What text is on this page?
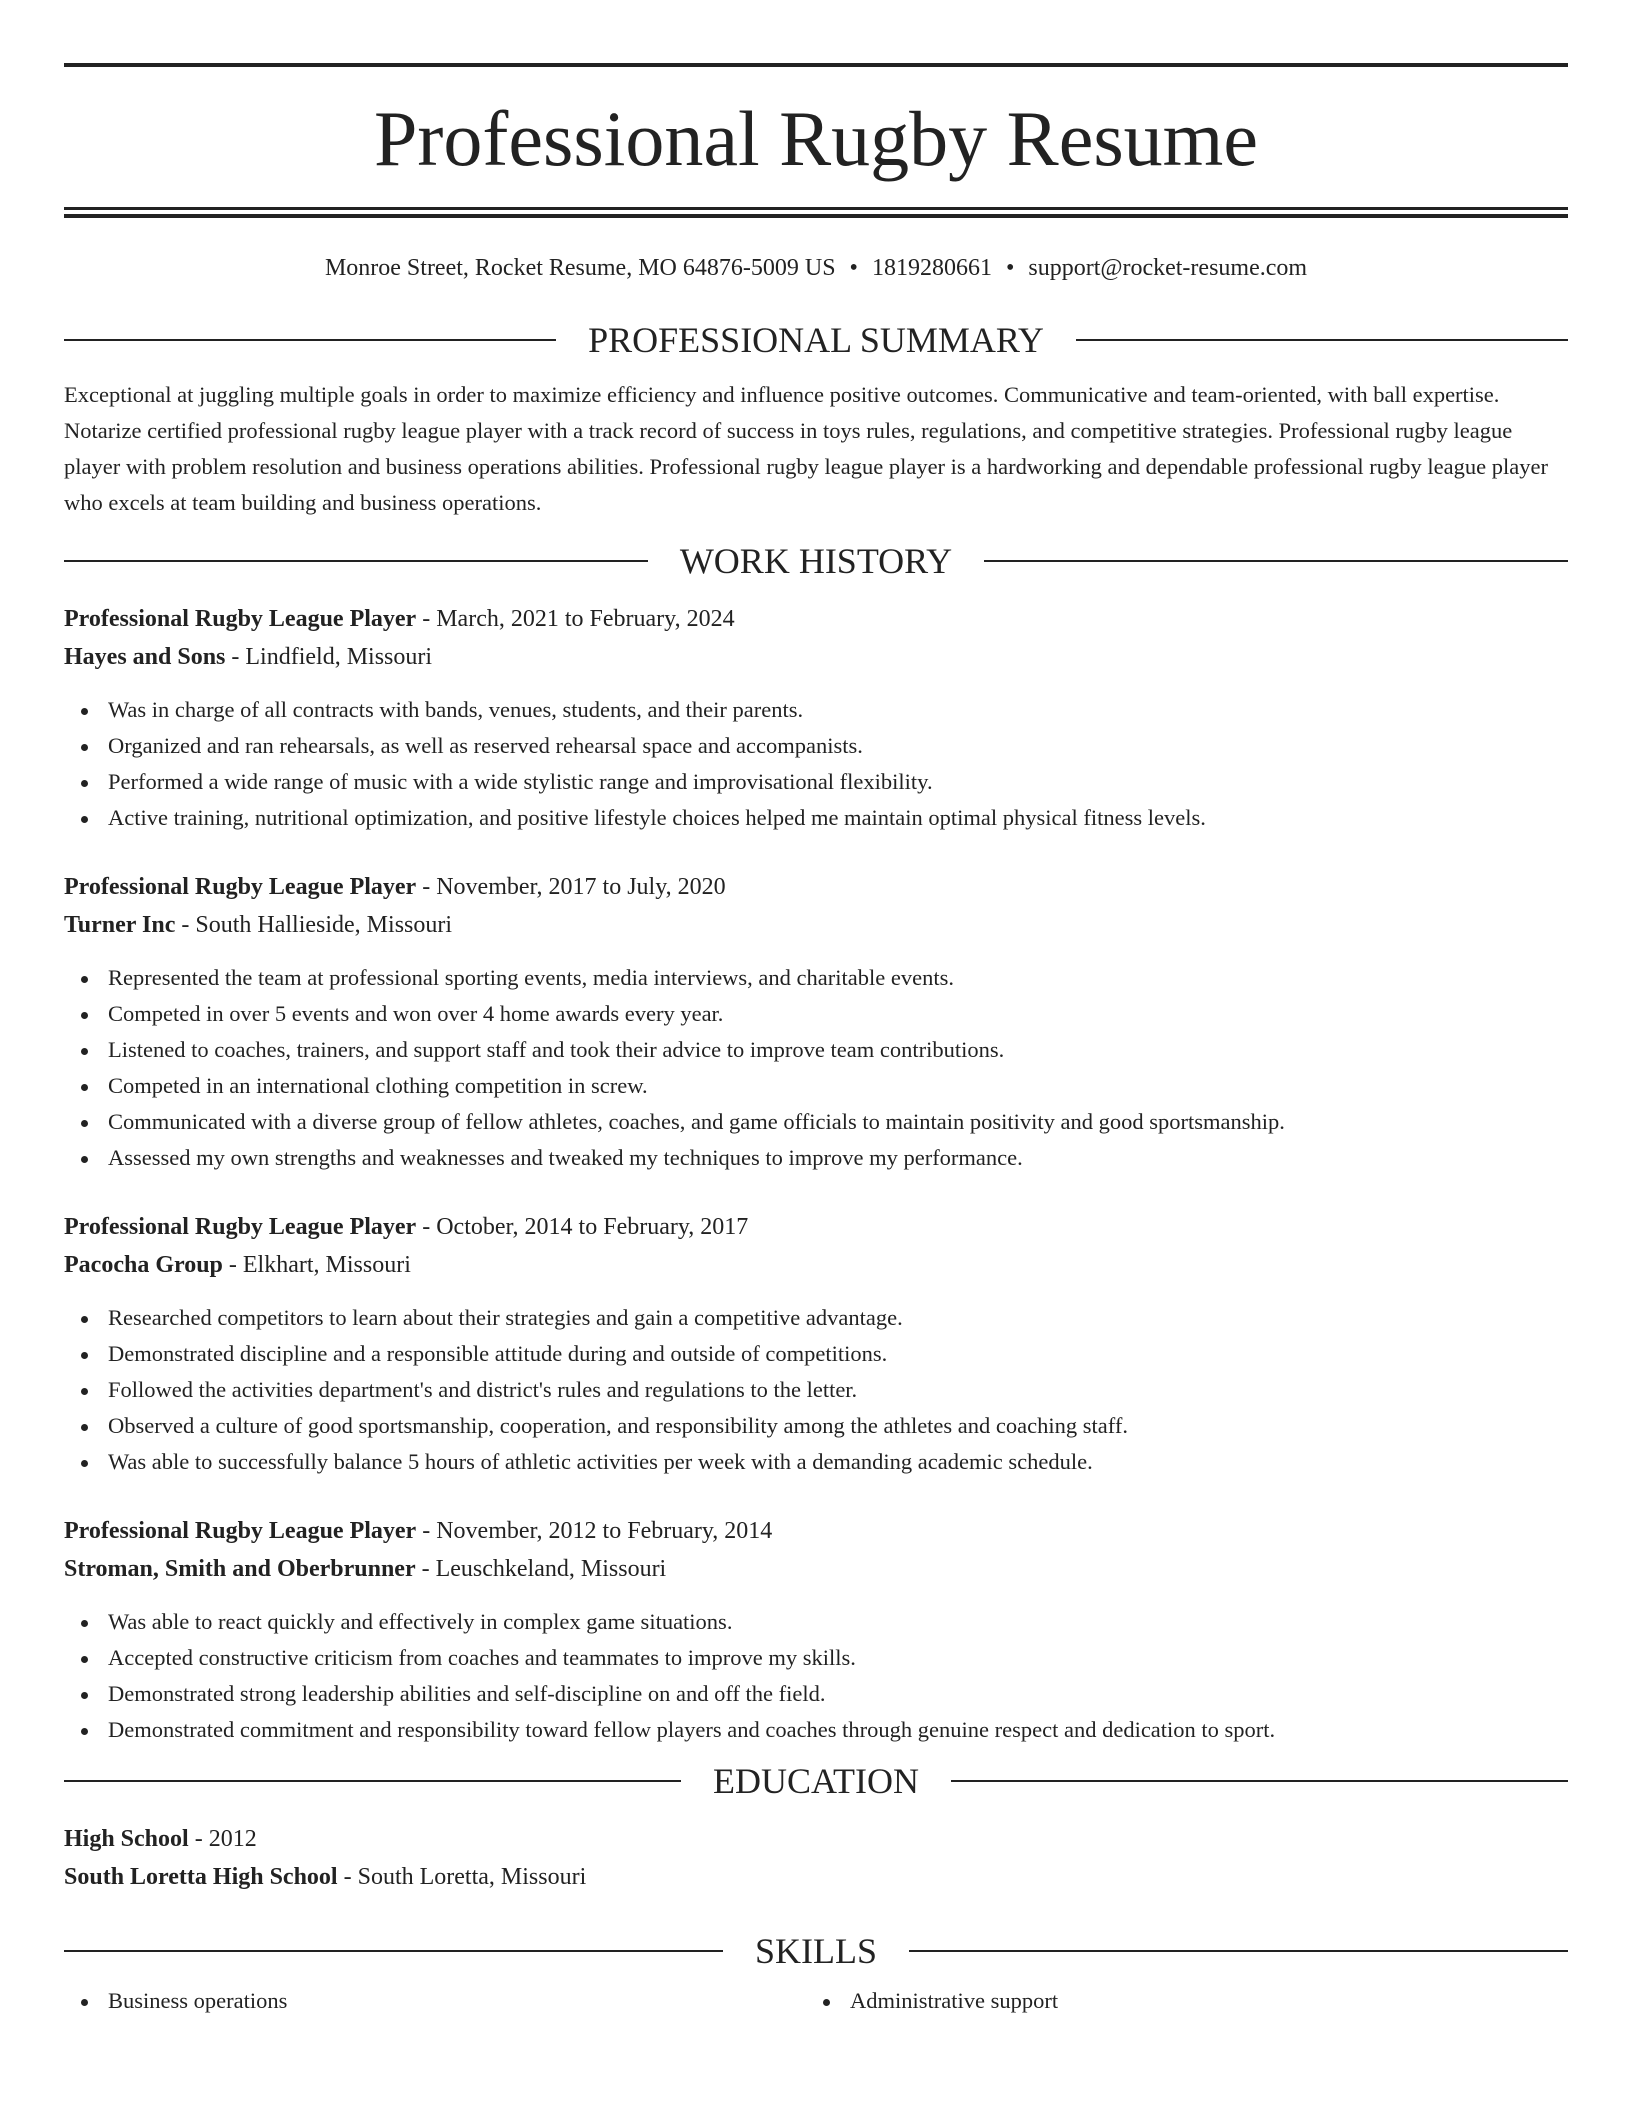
Professional Rugby Resume
Monroe Street, Rocket Resume, MO 64876-5009 US • 1819280661 • support@rocket-resume.com
PROFESSIONAL SUMMARY

Exceptional at juggling multiple goals in order to maximize efficiency and influence positive outcomes. Communicative and team-oriented, with ball expertise. Notarize certified professional rugby league player with a track record of success in toys rules, regulations, and competitive strategies. Professional rugby league player with problem resolution and business operations abilities. Professional rugby league player is a hardworking and dependable professional rugby league player who excels at team building and business operations.

WORK HISTORY
Professional Rugby League Player - March, 2021 to February, 2024
Hayes and Sons - Lindfield, Missouri
Was in charge of all contracts with bands, venues, students, and their parents.
Organized and ran rehearsals, as well as reserved rehearsal space and accompanists.
Performed a wide range of music with a wide stylistic range and improvisational flexibility.
Active training, nutritional optimization, and positive lifestyle choices helped me maintain optimal physical fitness levels.
Professional Rugby League Player - November, 2017 to July, 2020
Turner Inc - South Hallieside, Missouri
Represented the team at professional sporting events, media interviews, and charitable events.
Competed in over 5 events and won over 4 home awards every year.
Listened to coaches, trainers, and support staff and took their advice to improve team contributions.
Competed in an international clothing competition in screw.
Communicated with a diverse group of fellow athletes, coaches, and game officials to maintain positivity and good sportsmanship.
Assessed my own strengths and weaknesses and tweaked my techniques to improve my performance.
Professional Rugby League Player - October, 2014 to February, 2017
Pacocha Group - Elkhart, Missouri
Researched competitors to learn about their strategies and gain a competitive advantage.
Demonstrated discipline and a responsible attitude during and outside of competitions.
Followed the activities department's and district's rules and regulations to the letter.
Observed a culture of good sportsmanship, cooperation, and responsibility among the athletes and coaching staff.
Was able to successfully balance 5 hours of athletic activities per week with a demanding academic schedule.
Professional Rugby League Player - November, 2012 to February, 2014
Stroman, Smith and Oberbrunner - Leuschkeland, Missouri
Was able to react quickly and effectively in complex game situations.
Accepted constructive criticism from coaches and teammates to improve my skills.
Demonstrated strong leadership abilities and self-discipline on and off the field.
Demonstrated commitment and responsibility toward fellow players and coaches through genuine respect and dedication to sport.
EDUCATION
High School - 2012
South Loretta High School - South Loretta, Missouri
SKILLS
Business operations	Administrative support
